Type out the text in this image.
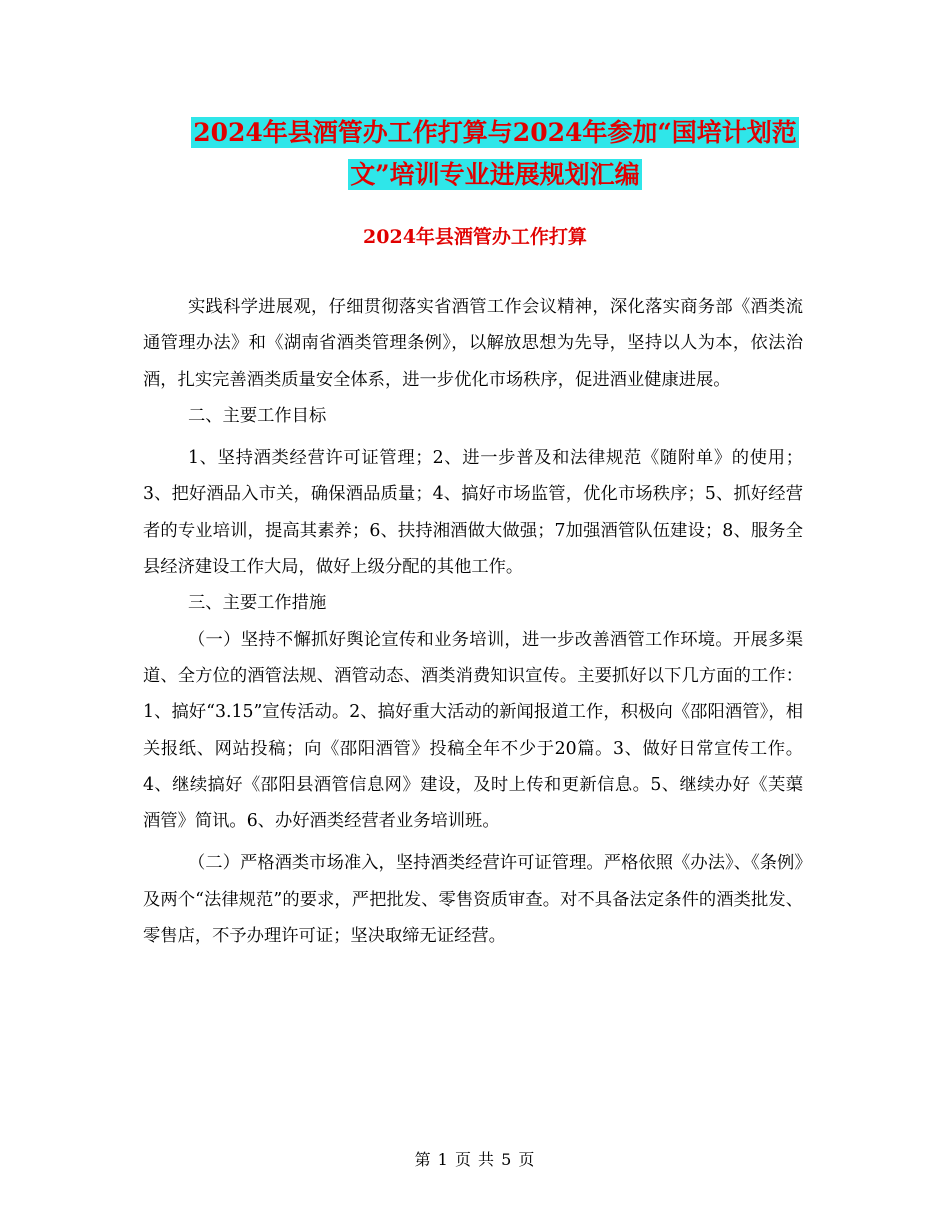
2024年县酒管办工作打算与2024年参加“国培计划范
文”培训专业进展规划汇编
2024年县酒管办工作打算

实践科学进展观，仔细贯彻落实省酒管工作会议精神，深化落实商务部《酒类流通管理办法》和《湖南省酒类管理条例》，以解放思想为先导，坚持以人为本，依法治酒，扎实完善酒类质量安全体系，进一步优化市场秩序，促进酒业健康进展。

二、主要工作目标

1、坚持酒类经营许可证管理；2、进一步普及和法律规范《随附单》的使用；3、把好酒品入市关，确保酒品质量；4、搞好市场监管，优化市场秩序；5、抓好经营者的专业培训，提高其素养；6、扶持湘酒做大做强；7加强酒管队伍建设；8、服务全县经济建设工作大局，做好上级分配的其他工作。

三、主要工作措施

（一）坚持不懈抓好舆论宣传和业务培训，进一步改善酒管工作环境。开展多渠道、全方位的酒管法规、酒管动态、酒类消费知识宣传。主要抓好以下几方面的工作：1、搞好“3.15”宣传活动。2、搞好重大活动的新闻报道工作，积极向《邵阳酒管》，相关报纸、网站投稿；向《邵阳酒管》投稿全年不少于20篇。3、做好日常宣传工作。4、继续搞好《邵阳县酒管信息网》建设，及时上传和更新信息。5、继续办好《芙蕖酒管》简讯。6、办好酒类经营者业务培训班。

（二）严格酒类市场准入，坚持酒类经营许可证管理。严格依照《办法》、《条例》及两个“法律规范”的要求，严把批发、零售资质审查。对不具备法定条件的酒类批发、零售店，不予办理许可证；坚决取缔无证经营。

第 1 页 共 5 页
